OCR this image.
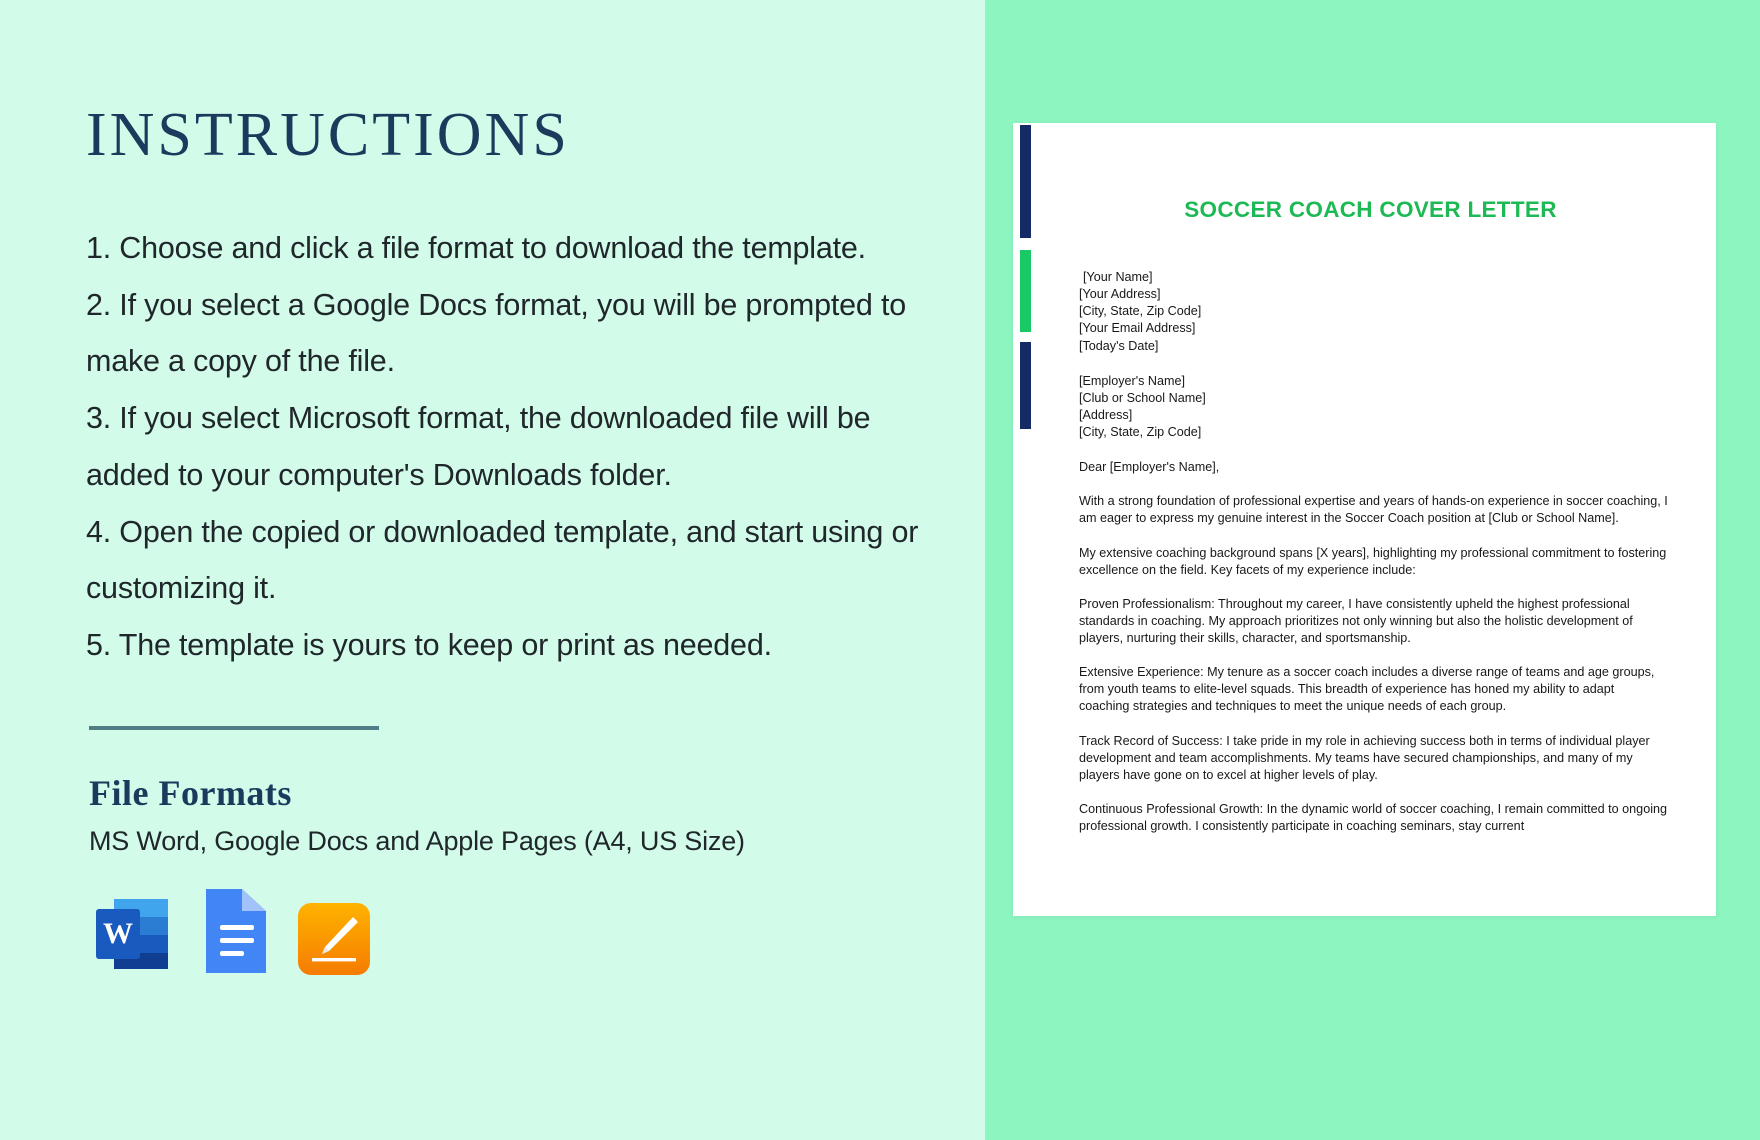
INSTRUCTIONS
1. Choose and click a file format to download the template.
2. If you select a Google Docs format, you will be prompted to make a copy of the file.
3. If you select Microsoft format, the downloaded file will be added to your computer's Downloads folder.
4. Open the copied or downloaded template, and start using or customizing it.
5. The template is yours to keep or print as needed.
File Formats
MS Word, Google Docs and Apple Pages (A4, US Size)
W
SOCCER COACH COVER LETTER
[Your Name]
[Your Address]
[City, State, Zip Code]
[Your Email Address]
[Today's Date]
[Employer's Name]
[Club or School Name]
[Address]
[City, State, Zip Code]
Dear [Employer's Name],

With a strong foundation of professional expertise and years of hands-on experience in soccer coaching, I am eager to express my genuine interest in the Soccer Coach position at [Club or School Name].

My extensive coaching background spans [X years], highlighting my professional commitment to fostering excellence on the field. Key facets of my experience include:

Proven Professionalism: Throughout my career, I have consistently upheld the highest professional standards in coaching. My approach prioritizes not only winning but also the holistic development of players, nurturing their skills, character, and sportsmanship.

Extensive Experience: My tenure as a soccer coach includes a diverse range of teams and age groups, from youth teams to elite-level squads. This breadth of experience has honed my ability to adapt coaching strategies and techniques to meet the unique needs of each group.

Track Record of Success: I take pride in my role in achieving success both in terms of individual player development and team accomplishments. My teams have secured championships, and many of my players have gone on to excel at higher levels of play.

Continuous Professional Growth: In the dynamic world of soccer coaching, I remain committed to ongoing professional growth. I consistently participate in coaching seminars, stay current
